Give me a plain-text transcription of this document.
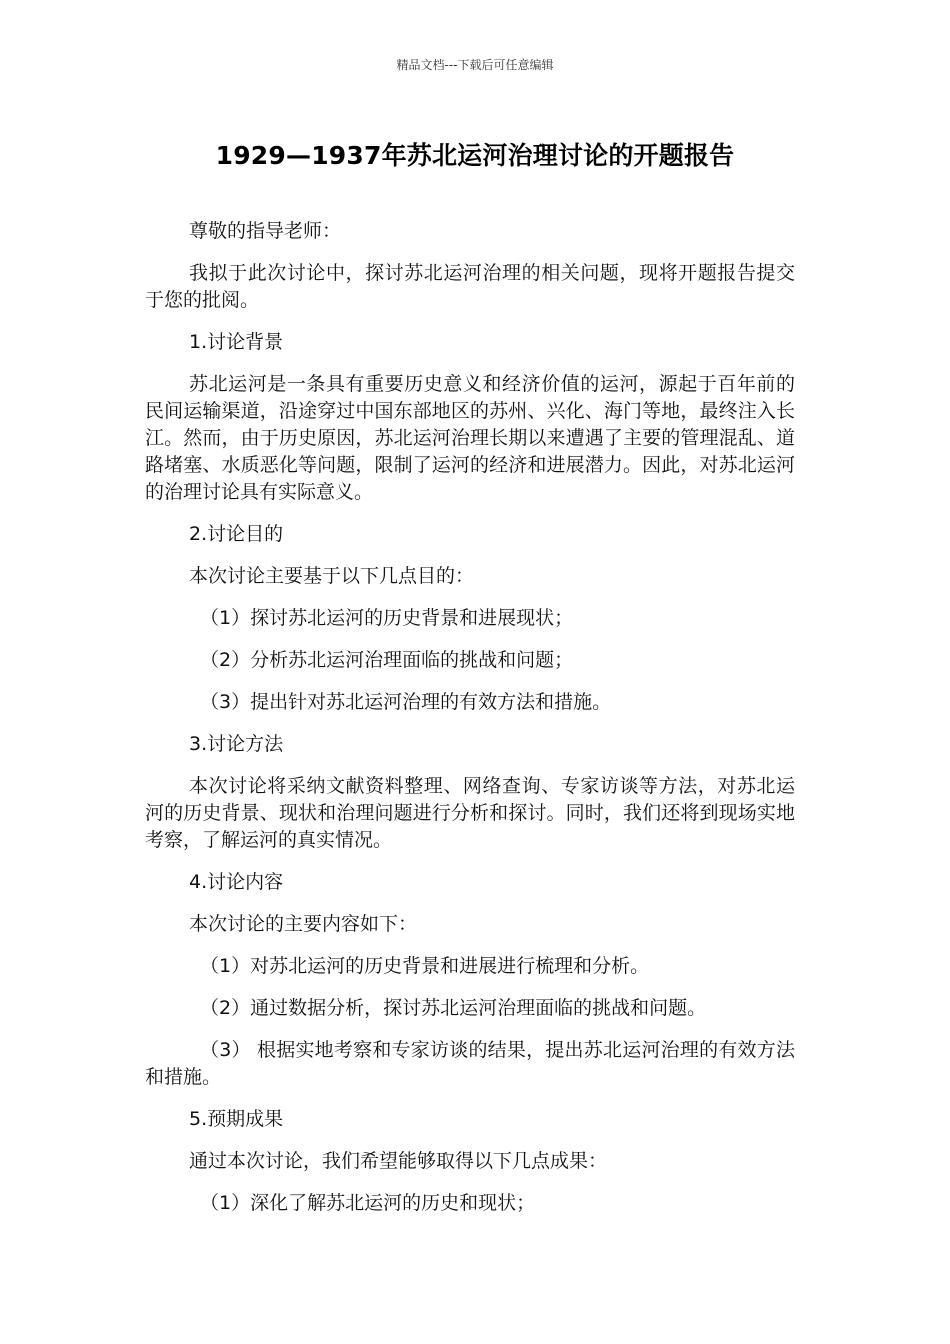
精品文档---下载后可任意编辑
1929—1937年苏北运河治理讨论的开题报告

尊敬的指导老师：

我拟于此次讨论中，探讨苏北运河治理的相关问题，现将开题报告提交于您的批阅。

1.讨论背景

苏北运河是一条具有重要历史意义和经济价值的运河，源起于百年前的民间运输渠道，沿途穿过中国东部地区的苏州、兴化、海门等地，最终注入长江。然而，由于历史原因，苏北运河治理长期以来遭遇了主要的管理混乱、道路堵塞、水质恶化等问题，限制了运河的经济和进展潜力。因此，对苏北运河的治理讨论具有实际意义。

2.讨论目的

本次讨论主要基于以下几点目的：

（1）探讨苏北运河的历史背景和进展现状；

（2）分析苏北运河治理面临的挑战和问题；

（3）提出针对苏北运河治理的有效方法和措施。

3.讨论方法

本次讨论将采纳文献资料整理、网络查询、专家访谈等方法，对苏北运河的历史背景、现状和治理问题进行分析和探讨。同时，我们还将到现场实地考察，了解运河的真实情况。

4.讨论内容

本次讨论的主要内容如下：

（1）对苏北运河的历史背景和进展进行梳理和分析。

（2）通过数据分析，探讨苏北运河治理面临的挑战和问题。

（3） 根据实地考察和专家访谈的结果，提出苏北运河治理的有效方法和措施。

5.预期成果

通过本次讨论，我们希望能够取得以下几点成果：

（1）深化了解苏北运河的历史和现状；
